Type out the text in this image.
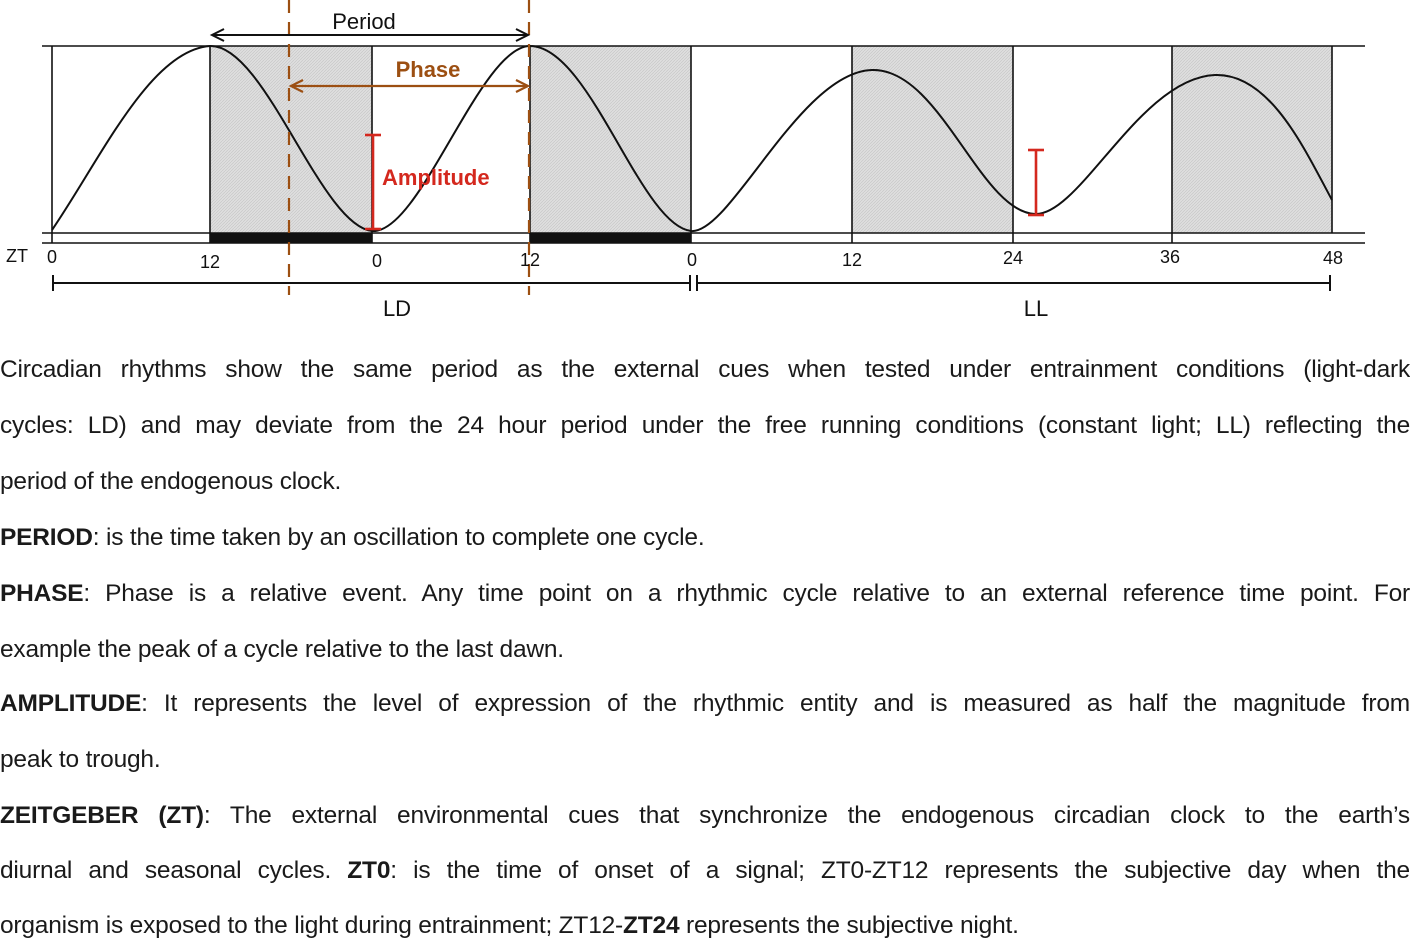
Period
Phase
Amplitude
ZT 0	12	0	12	0	12	24	36	48
LD	LL
Circadian rhythms show the same period as the external cues when tested under entrainment conditions (light-dark
cycles: LD) and may deviate from the 24 hour period under the free running conditions (constant light; LL) reflecting the
period of the endogenous clock.
PERIOD: is the time taken by an oscillation to complete one cycle.
PHASE: Phase is a relative event. Any time point on a rhythmic cycle relative to an external reference time point. For
example the peak of a cycle relative to the last dawn.
AMPLITUDE: It represents the level of expression of the rhythmic entity and is measured as half the magnitude from
peak to trough.
ZEITGEBER (ZT): The external environmental cues that synchronize the endogenous circadian clock to the earth’s
diurnal and seasonal cycles. ZT0: is the time of onset of a signal; ZT0-ZT12 represents the subjective day when the
organism is exposed to the light during entrainment; ZT12-ZT24 represents the subjective night.
